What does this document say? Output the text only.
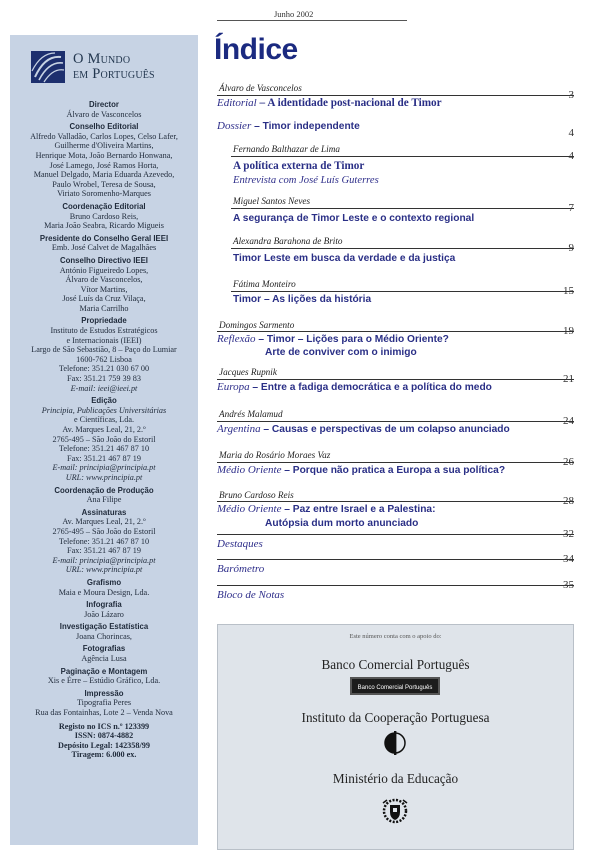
Junho 2002
O Mundo
em Português
Director
Álvaro de Vasconcelos
Conselho Editorial
Alfredo Valladão, Carlos Lopes, Celso Lafer,
Guilherme d'Oliveira Martins,
Henrique Mota, João Bernardo Honwana,
José Lamego, José Ramos Horta,
Manuel Delgado, Maria Eduarda Azevedo,
Paulo Wrobel, Teresa de Sousa,
Viriato Soromenho-Marques
Coordenação Editorial
Bruno Cardoso Reis,
Maria João Seabra, Ricardo Migueis
Presidente do Conselho Geral IEEI
Emb. José Calvet de Magalhães
Conselho Directivo IEEI
António Figueiredo Lopes,
Álvaro de Vasconcelos,
Vítor Martins,
José Luís da Cruz Vilaça,
Maria Carrilho
Propriedade
Instituto de Estudos Estratégicos
e Internacionais (IEEI)
Largo de São Sebastião, 8 – Paço do Lumiar
1600-762 Lisboa
Telefone: 351.21 030 67 00
Fax: 351.21 759 39 83
E-mail: ieei@ieei.pt
Edição
Principia, Publicações Universitárias
e Científicas, Lda.
Av. Marques Leal, 21, 2.º
2765-495 – São João do Estoril
Telefone: 351.21 467 87 10
Fax: 351.21 467 87 19
E-mail: principia@principia.pt
URL: www.principia.pt
Coordenação de Produção
Ana Filipe
Assinaturas
Av. Marques Leal, 21, 2.º
2765-495 – São João do Estoril
Telefone: 351.21 467 87 10
Fax: 351.21 467 87 19
E-mail: principia@principia.pt
URL: www.principia.pt
Grafismo
Maia e Moura Design, Lda.
Infografia
João Lázaro
Investigação Estatística
Joana Chorincas,
Fotografias
Agência Lusa
Paginação e Montagem
Xis e Érre – Estúdio Gráfico, Lda.
Impressão
Tipografia Peres
Rua das Fontainhas, Lote 2 – Venda Nova
Registo no ICS n.º 123399
ISSN: 0874-4882
Depósito Legal: 142358/99
Tiragem: 6.000 ex.
Índice
Álvaro de Vasconcelos
Editorial – A identidade post-nacional de Timor
3
Dossier – Timor independente
4
Fernando Balthazar de Lima
A política externa de Timor
Entrevista com José Luís Guterres
4
Miguel Santos Neves
A segurança de Timor Leste e o contexto regional
7
Alexandra Barahona de Brito
Timor Leste em busca da verdade e da justiça
9
Fátima Monteiro
Timor – As lições da história
15
Domingos Sarmento
Reflexão – Timor – Lições para o Médio Oriente?
Arte de conviver com o inimigo
19
Jacques Rupnik
Europa – Entre a fadiga democrática e a política do medo
21
Andrés Malamud
Argentina – Causas e perspectivas de um colapso anunciado
24
Maria do Rosário Moraes Vaz
Médio Oriente – Porque não pratica a Europa a sua política?
26
Bruno Cardoso Reis
Médio Oriente – Paz entre Israel e a Palestina:
Autópsia dum morto anunciado
28
Destaques
32
Barómetro
34
Bloco de Notas
35
Este número conta com o apoio do:
Banco Comercial Português
Banco Comercial Português
Instituto da Cooperação Portuguesa
Ministério da Educação
